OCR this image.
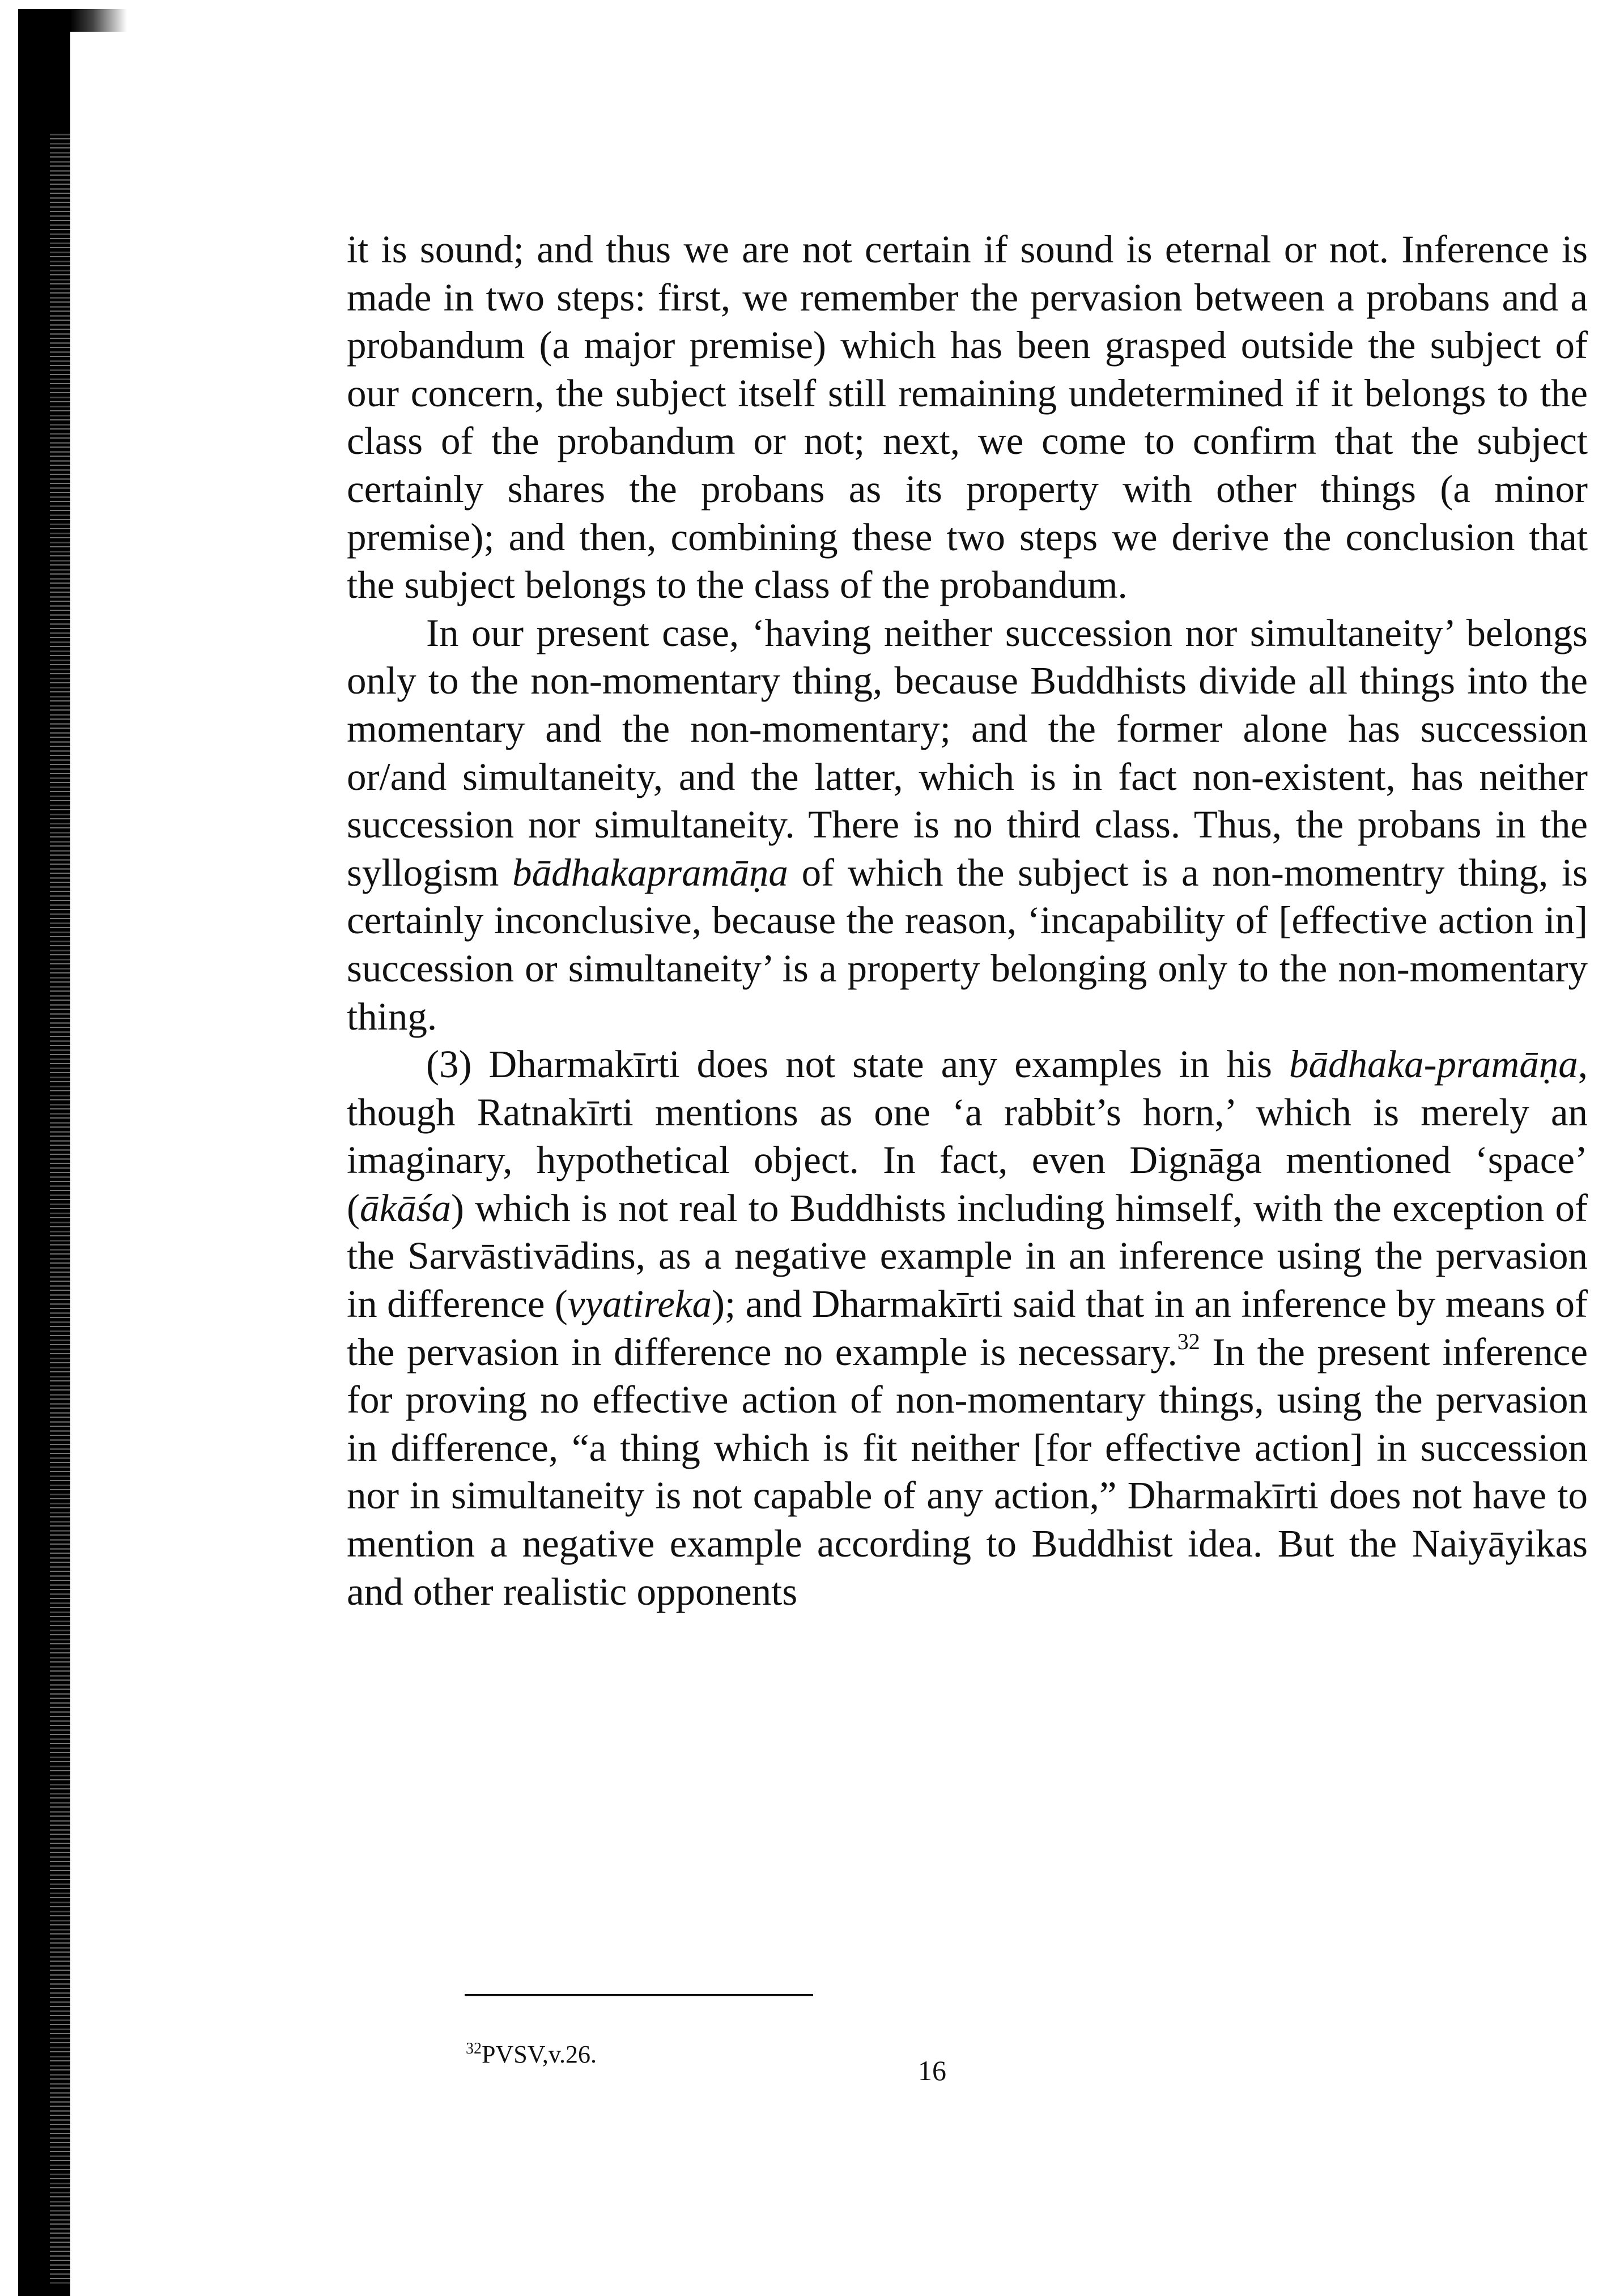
it is sound; and thus we are not certain if sound is eternal or not. Inference is made in two steps: first, we remember the pervasion between a probans and a probandum (a major premise) which has been grasped outside the subject of our concern, the subject itself still remaining undetermined if it belongs to the class of the probandum or not; next, we come to confirm that the subject certainly shares the probans as its property with other things (a minor premise); and then, combining these two steps we derive the conclusion that the subject belongs to the class of the probandum.

In our present case, ‘having neither succession nor simultaneity’ belongs only to the non-momentary thing, because Buddhists divide all things into the momentary and the non-momentary; and the former alone has succession or/and simultaneity, and the latter, which is in fact non-existent, has neither succession nor simultaneity. There is no third class. Thus, the probans in the syllogism bādhakapramāṇa of which the subject is a non-momentry thing, is certainly inconclusive, because the reason, ‘incapability of [effective action in] succession or simultaneity’ is a property belonging only to the non-momentary thing.

(3) Dharmakīrti does not state any examples in his bādhaka-pramāṇa, though Ratnakīrti mentions as one ‘a rabbit’s horn,’ which is merely an imaginary, hypothetical object. In fact, even Dignāga mentioned ‘space’ (ākāśa) which is not real to Buddhists including himself, with the exception of the Sarvāstivādins, as a negative example in an inference using the pervasion in difference (vyatireka); and Dharmakīrti said that in an inference by means of the pervasion in difference no example is necessary.$^{32}$ In the present inference for proving no effective action of non-momentary things, using the pervasion in difference, “a thing which is fit neither [for effective action] in succession nor in simultaneity is not capable of any action,” Dharmakīrti does not have to mention a negative example according to Buddhist idea. But the Naiyāyikas and other realistic opponents

$^{32}$PVSV,v.26.
16
